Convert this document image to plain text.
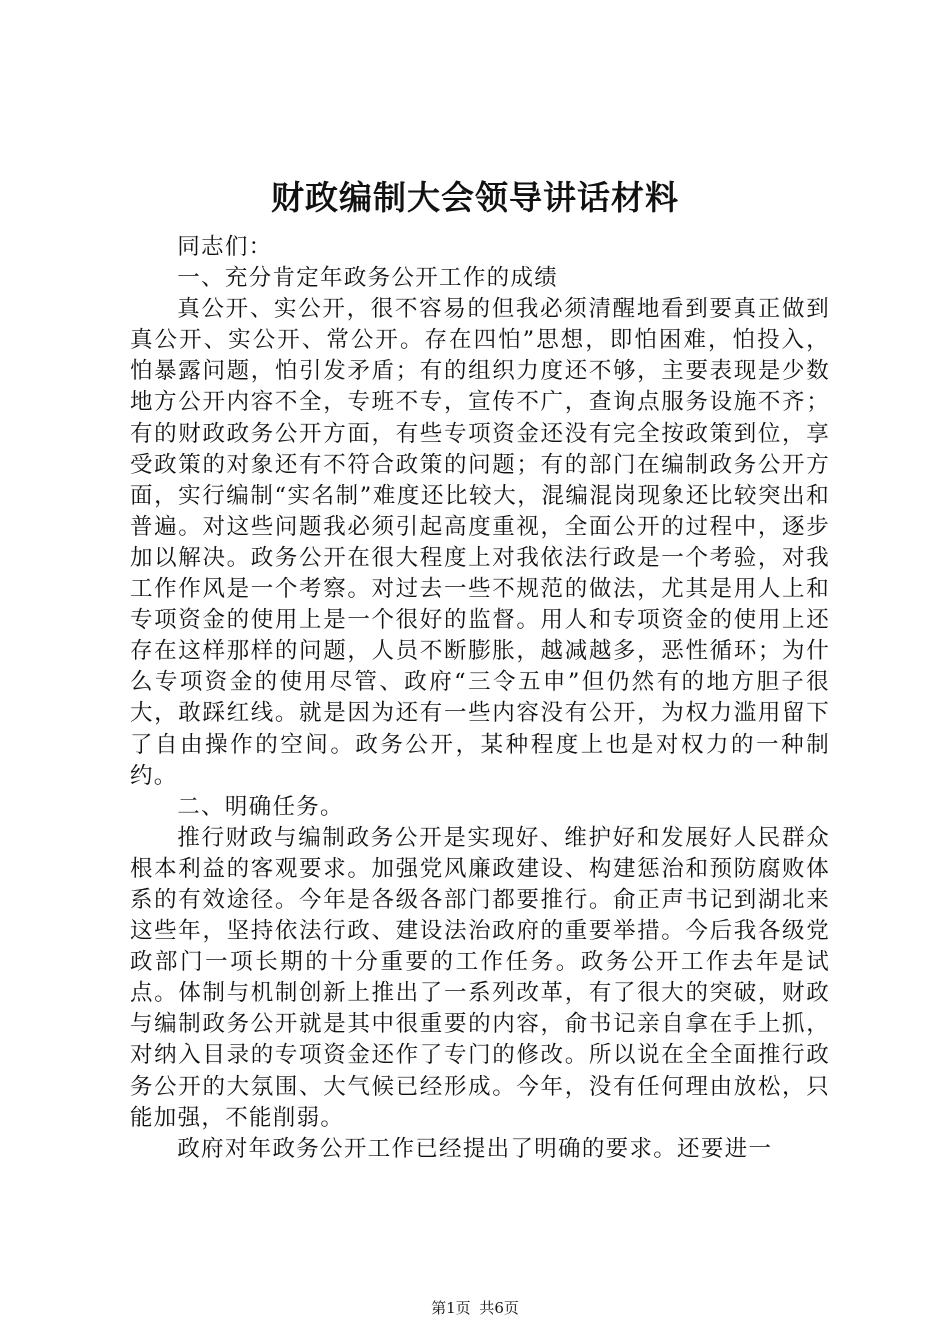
财政编制大会领导讲话材料

同志们：

一、充分肯定年政务公开工作的成绩

真公开、实公开，很不容易的但我必须清醒地看到要真正做到真公开、实公开、常公开。存在四怕”思想，即怕困难，怕投入，怕暴露问题，怕引发矛盾；有的组织力度还不够，主要表现是少数地方公开内容不全，专班不专，宣传不广，查询点服务设施不齐；有的财政政务公开方面，有些专项资金还没有完全按政策到位，享受政策的对象还有不符合政策的问题；有的部门在编制政务公开方面，实行编制“实名制”难度还比较大，混编混岗现象还比较突出和普遍。对这些问题我必须引起高度重视，全面公开的过程中，逐步加以解决。政务公开在很大程度上对我依法行政是一个考验，对我工作作风是一个考察。对过去一些不规范的做法，尤其是用人上和专项资金的使用上是一个很好的监督。用人和专项资金的使用上还存在这样那样的问题，人员不断膨胀，越减越多，恶性循环；为什么专项资金的使用尽管、政府“三令五申”但仍然有的地方胆子很大，敢踩红线。就是因为还有一些内容没有公开，为权力滥用留下了自由操作的空间。政务公开，某种程度上也是对权力的一种制约。

二、明确任务。

推行财政与编制政务公开是实现好、维护好和发展好人民群众根本利益的客观要求。加强党风廉政建设、构建惩治和预防腐败体系的有效途径。今年是各级各部门都要推行。俞正声书记到湖北来这些年，坚持依法行政、建设法治政府的重要举措。今后我各级党政部门一项长期的十分重要的工作任务。政务公开工作去年是试点。体制与机制创新上推出了一系列改革，有了很大的突破，财政与编制政务公开就是其中很重要的内容，俞书记亲自拿在手上抓，对纳入目录的专项资金还作了专门的修改。所以说在全全面推行政务公开的大氛围、大气候已经形成。今年，没有任何理由放松，只能加强，不能削弱。

政府对年政务公开工作已经提出了明确的要求。还要进一

第1页 共6页
